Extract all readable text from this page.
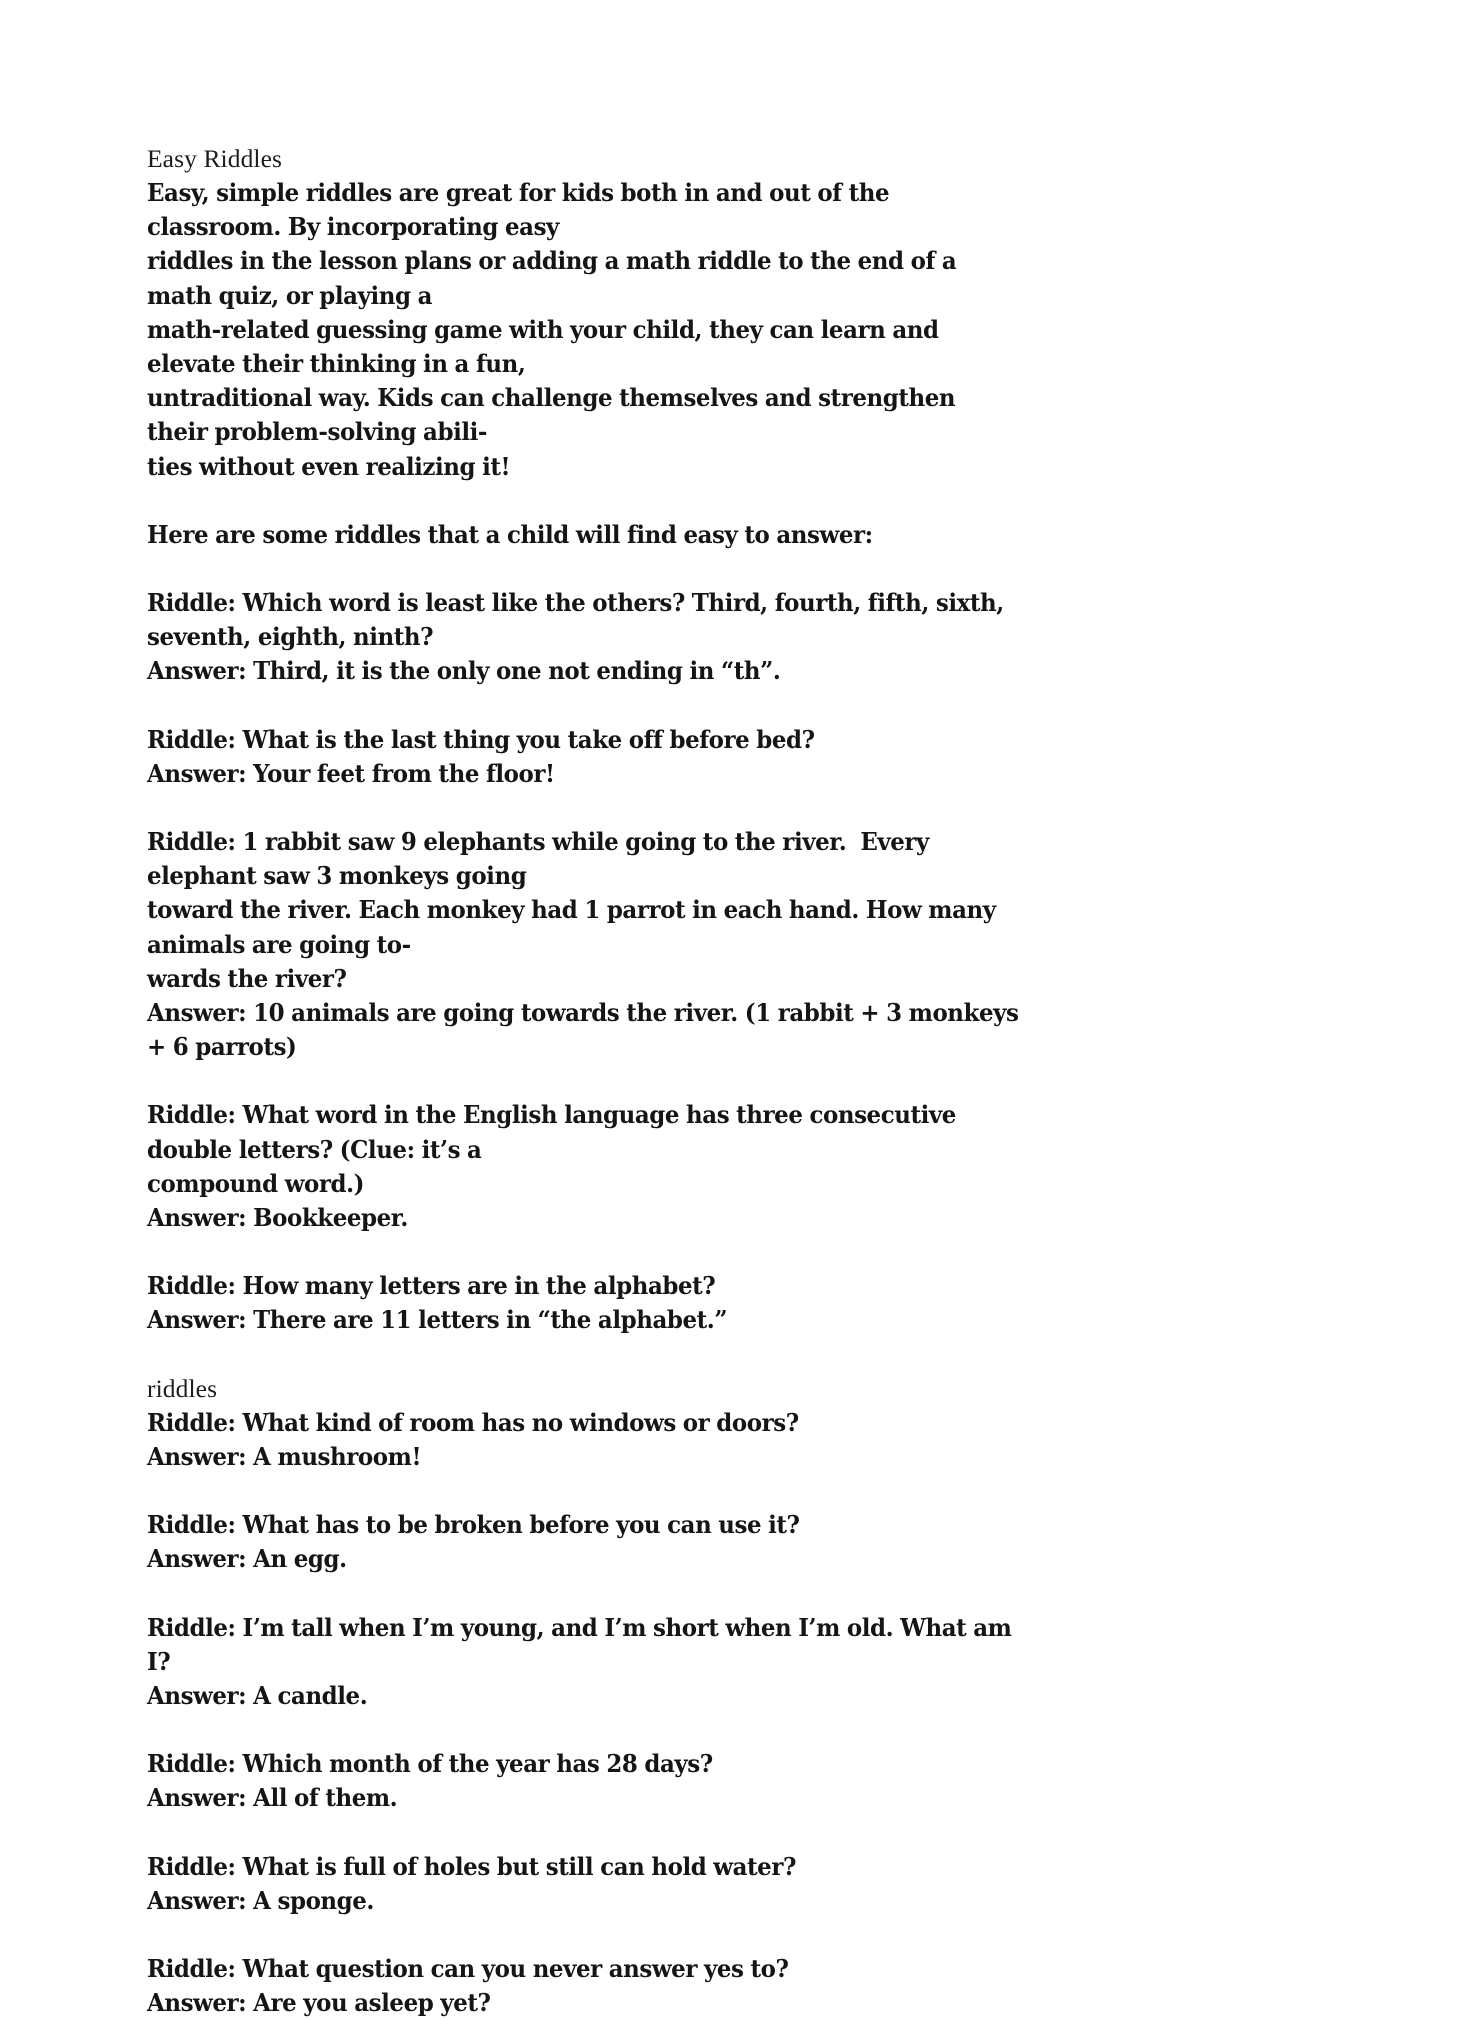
Easy Riddles

Easy, simple riddles are great for kids both in and out of the classroom. By incorporating easy

riddles in the lesson plans or adding a math riddle to the end of a math quiz, or playing a

math-related guessing game with your child, they can learn and elevate their thinking in a fun,

untraditional way. Kids can challenge themselves and strengthen their problem-solving abili-

ties without even realizing it!

Here are some riddles that a child will find easy to answer:

Riddle: Which word is least like the others? Third, fourth, fifth, sixth, seventh, eighth, ninth?

Answer: Third, it is the only one not ending in “th”.

Riddle: What is the last thing you take off before bed?

Answer: Your feet from the floor!

Riddle: 1 rabbit saw 9 elephants while going to the river.  Every elephant saw 3 monkeys going

toward the river. Each monkey had 1 parrot in each hand. How many animals are going to-

wards the river?

Answer: 10 animals are going towards the river. (1 rabbit + 3 monkeys + 6 parrots)

Riddle: What word in the English language has three consecutive double letters? (Clue: it’s a

compound word.)

Answer: Bookkeeper.

Riddle: How many letters are in the alphabet?

Answer: There are 11 letters in “the alphabet.”

riddles

Riddle: What kind of room has no windows or doors?

Answer: A mushroom!

Riddle: What has to be broken before you can use it?

Answer: An egg.

Riddle: I’m tall when I’m young, and I’m short when I’m old. What am I?

Answer: A candle.

Riddle: Which month of the year has 28 days?

Answer: All of them.

Riddle: What is full of holes but still can hold water?

Answer: A sponge.

Riddle: What question can you never answer yes to?

Answer: Are you asleep yet?
